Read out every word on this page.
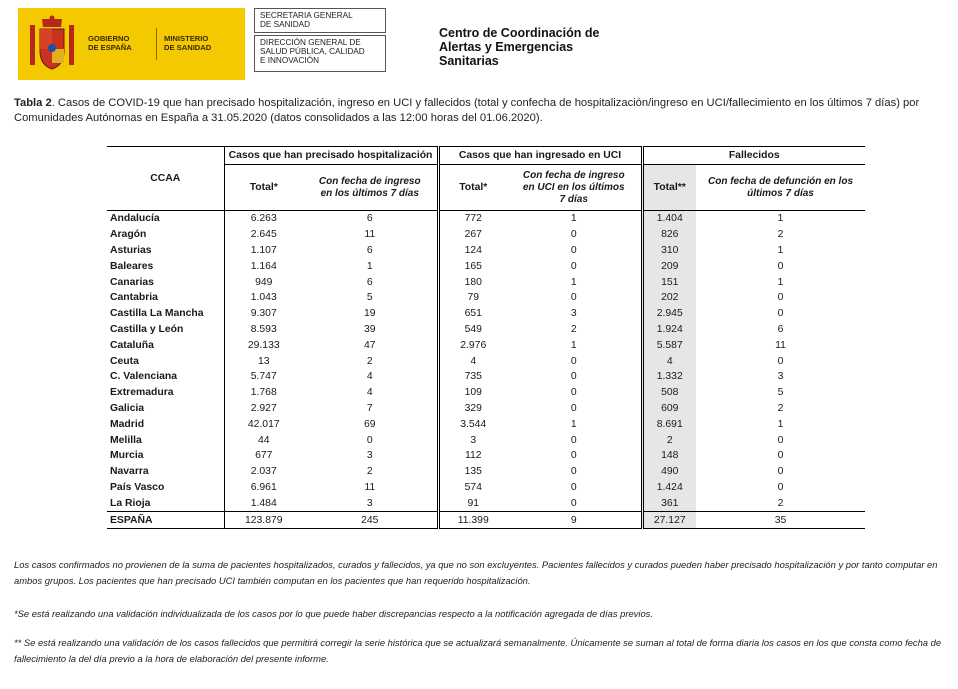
GOBIERNO
DE ESPAÑA
MINISTERIO
DE SANIDAD
SECRETARIA GENERAL
DE SANIDAD
DIRECCIÓN GENERAL DE
SALUD PÚBLICA, CALIDAD
E INNOVACIÓN
Centro de Coordinación de
Alertas y Emergencias
Sanitarias
Tabla 2. Casos de COVID-19 que han precisado hospitalización, ingreso en UCI y fallecidos (total y confecha de hospitalización/ingreso en UCI/fallecimiento en los últimos 7 días) por Comunidades Autónomas en España a 31.05.2020 (datos consolidados a las 12:00 horas del 01.06.2020).
CCAA	Casos que han precisado hospitalización		Casos que han ingresado en UCI		Fallecidos	
	Total*	Con fecha de ingreso en los últimos 7 días	Total*	Con fecha de ingreso en UCI en los últimos 7 días	Total**	Con fecha de defunción en los últimos 7 días

Andalucía	6.263	6	772	1	1.404	1
Aragón	2.645	11	267	0	826	2
Asturias	1.107	6	124	0	310	1
Baleares	1.164	1	165	0	209	0
Canarias	949	6	180	1	151	1
Cantabria	1.043	5	79	0	202	0
Castilla La Mancha	9.307	19	651	3	2.945	0
Castilla y León	8.593	39	549	2	1.924	6
Cataluña	29.133	47	2.976	1	5.587	11
Ceuta	13	2	4	0	4	0
C. Valenciana	5.747	4	735	0	1.332	3
Extremadura	1.768	4	109	0	508	5
Galicia	2.927	7	329	0	609	2
Madrid	42.017	69	3.544	1	8.691	1
Melilla	44	0	3	0	2	0
Murcia	677	3	112	0	148	0
Navarra	2.037	2	135	0	490	0
País Vasco	6.961	11	574	0	1.424	0
La Rioja	1.484	3	91	0	361	2
ESPAÑA	123.879	245	11.399	9	27.127	35
Los casos confirmados no provienen de la suma de pacientes hospitalizados, curados y fallecidos, ya que no son excluyentes. Pacientes fallecidos y curados pueden haber precisado hospitalización y por tanto computar en ambos grupos. Los pacientes que han precisado UCI también computan en los pacientes que han requerido hospitalización.
*Se está realizando una validación individualizada de los casos por lo que puede haber discrepancias respecto a la notificación agregada de días previos.
** Se está realizando una validación de los casos fallecidos que permitirá corregir la serie histórica que se actualizará semanalmente. Únicamente se suman al total de forma diaria los casos en los que consta como fecha de fallecimiento la del día previo a la hora de elaboración del presente informe.
